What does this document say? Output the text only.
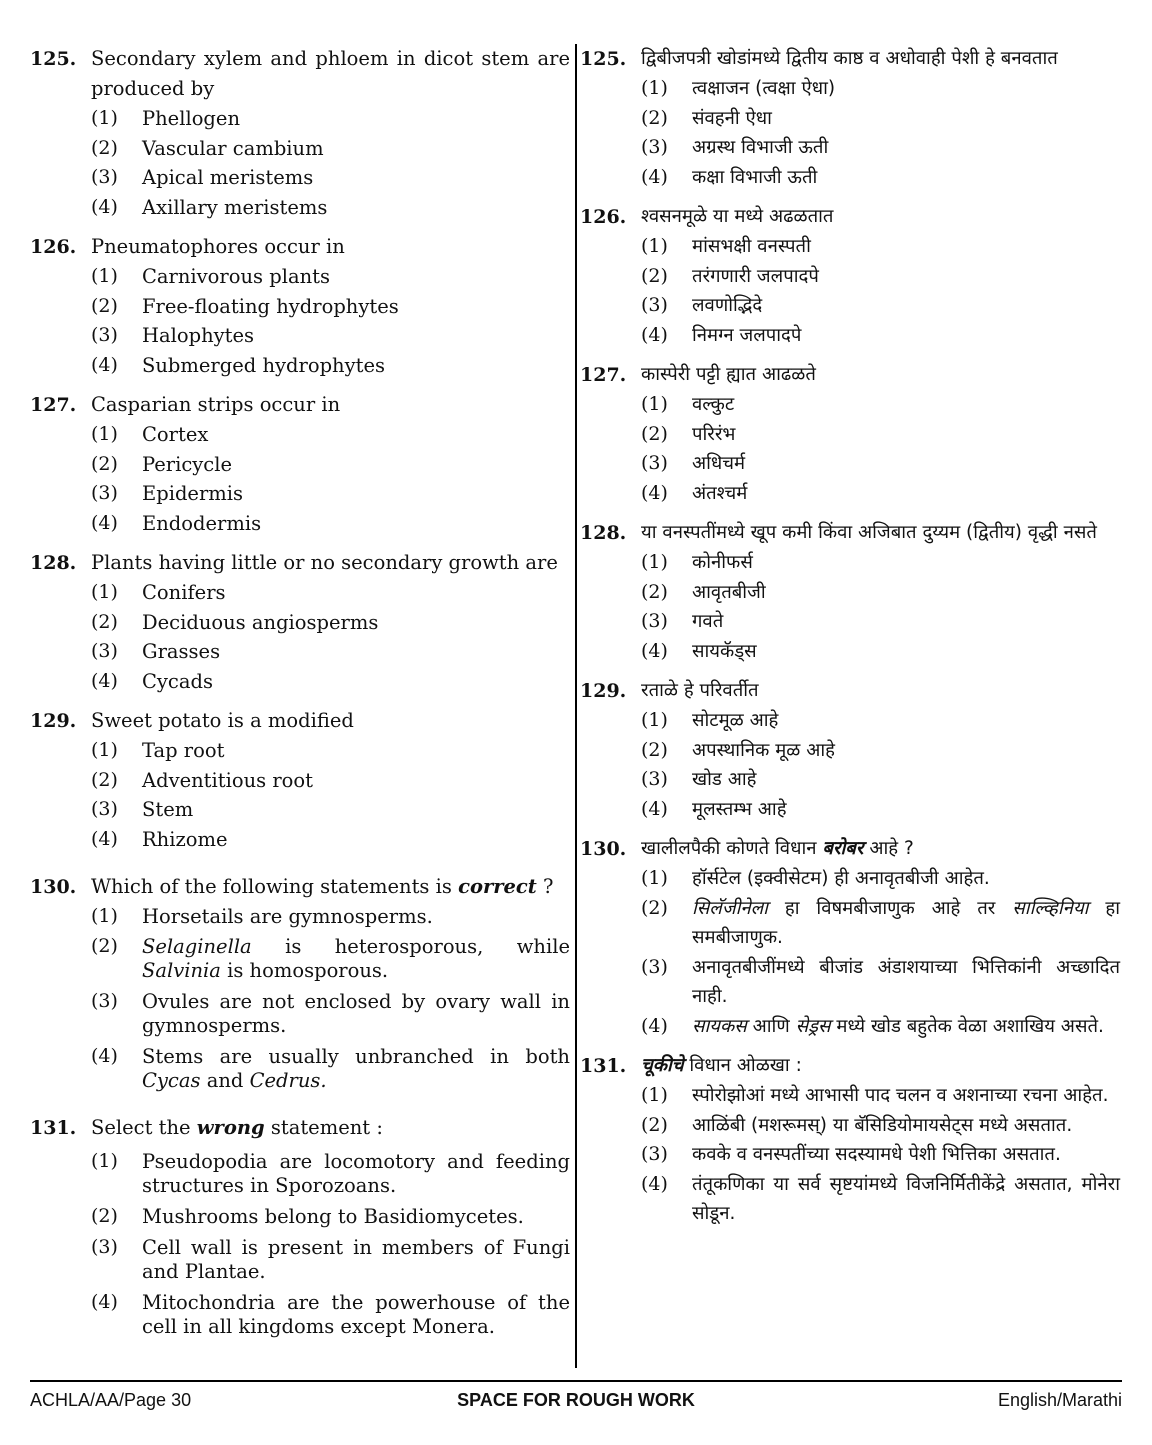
125. Secondary xylem and phloem in dicot stem are produced by
(1)	Phellogen
(2)	Vascular cambium
(3)	Apical meristems
(4)	Axillary meristems
126. Pneumatophores occur in
(1)	Carnivorous plants
(2)	Free-floating hydrophytes
(3)	Halophytes
(4)	Submerged hydrophytes
127. Casparian strips occur in
(1)	Cortex
(2)	Pericycle
(3)	Epidermis
(4)	Endodermis
128. Plants having little or no secondary growth are
(1)	Conifers
(2)	Deciduous angiosperms
(3)	Grasses
(4)	Cycads
129. Sweet potato is a modified
(1)	Tap root
(2)	Adventitious root
(3)	Stem
(4)	Rhizome
130. Which of the following statements is correct ?
(1)	Horsetails are gymnosperms.
(2)	Selaginella is heterosporous, while Salvinia is homosporous.
(3)	Ovules are not enclosed by ovary wall in gymnosperms.
(4)	Stems are usually unbranched in both Cycas and Cedrus.
131. Select the wrong statement :
(1)	Pseudopodia are locomotory and feeding structures in Sporozoans.
(2)	Mushrooms belong to Basidiomycetes.
(3)	Cell wall is present in members of Fungi and Plantae.
(4)	Mitochondria are the powerhouse of the cell in all kingdoms except Monera.
125. द्विबीजपत्री खोडांमध्ये द्वितीय काष्ठ व अधोवाही पेशी हे बनवतात
(1)	त्वक्षाजन (त्वक्षा ऐधा)
(2)	संवहनी ऐधा
(3)	अग्रस्थ विभाजी ऊती
(4)	कक्षा विभाजी ऊती
126. श्वसनमूळे या मध्ये अढळतात
(1)	मांसभक्षी वनस्पती
(2)	तरंगणारी जलपादपे
(3)	लवणोद्भिदे
(4)	निमग्न जलपादपे
127. कास्पेरी पट्टी ह्यात आढळते
(1)	वल्कुट
(2)	परिरंभ
(3)	अधिचर्म
(4)	अंतश्चर्म
128. या वनस्पतींमध्ये खूप कमी किंवा अजिबात दुय्यम (द्वितीय) वृद्धी नसते
(1)	कोनीफर्स
(2)	आवृतबीजी
(3)	गवते
(4)	सायकॅड्स
129. रताळे हे परिवर्तीत
(1)	सोटमूळ आहे
(2)	अपस्थानिक मूळ आहे
(3)	खोड आहे
(4)	मूलस्तम्भ आहे
130. खालीलपैकी कोणते विधान बरोबर आहे ?
(1)	हॉर्सटेल (इक्वीसेटम) ही अनावृतबीजी आहेत.
(2)	सिलॅजीनेला हा विषमबीजाणुक आहे तर साल्व्हिनिया हा समबीजाणुक.
(3)	अनावृतबीजींमध्ये बीजांड अंडाशयाच्या भित्तिकांनी अच्छादित नाही.
(4)	सायकस आणि सेड्रस मध्ये खोड बहुतेक वेळा अशाखिय असते.
131. चूकीचे विधान ओळखा :
(1)	स्पोरोझोआं मध्ये आभासी पाद चलन व अशनाच्या रचना आहेत.
(2)	आळिंबी (मशरूमस्) या बॅसिडियोमायसेट्स मध्ये असतात.
(3)	कवके व वनस्पतींच्या सदस्यामधे पेशी भित्तिका असतात.
(4)	तंतूकणिका या सर्व सृष्टयांमध्ये विजनिर्मितीकेंद्रे असतात, मोनेरा सोडून.
ACHLA/AA/Page 30	SPACE FOR ROUGH WORK	English/Marathi
